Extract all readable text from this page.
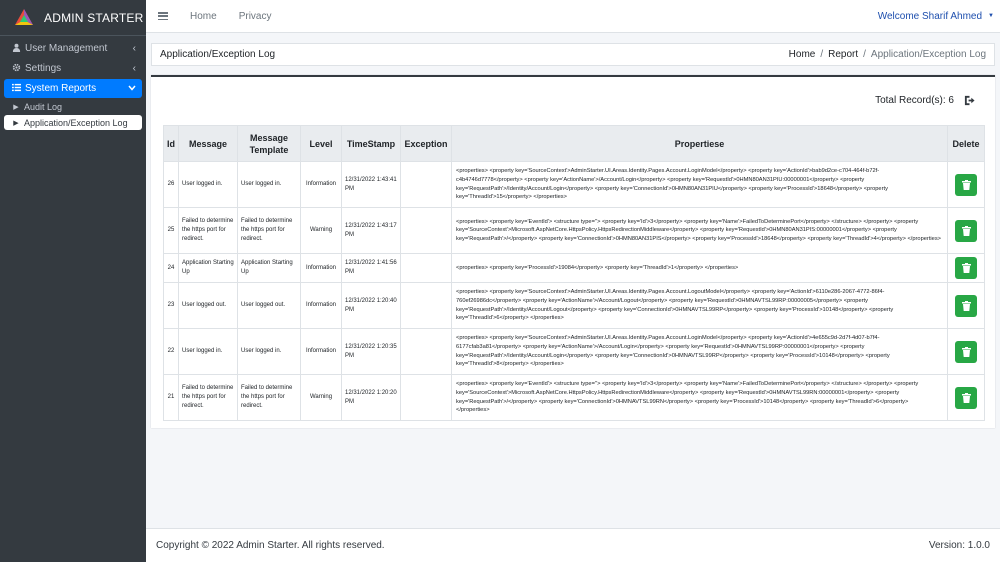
ADMIN STARTER
User Management	‹
Settings	‹
System Reports
▶ Audit Log
▶ Application/Exception Log
Home Privacy	Welcome Sharif Ahmed ▼
Application/Exception Log	Home / Report / Application/Exception Log
Total Record(s): 6
Id	Message	Message Template	Level	TimeStamp	Exception	Propertiese	Delete
26	User logged in.	User logged in.	Information	12/31/2022 1:43:41 PM		<properties> <property key='SourceContext'>AdminStarter.UI.Areas.Identity.Pages.Account.LoginModel</property> <property key='ActionId'>bab9d2ce-c704-464f-b72f-c4b4746d7778</property> <property key='ActionName'>/Account/Login</property> <property key='RequestId'>0HMN80AN31PIU:00000001</property> <property key='RequestPath'>/Identity/Account/Login</property> <property key='ConnectionId'>0HMN80AN31PIU</property> <property key='ProcessId'>18648</property> <property key='ThreadId'>15</property> </properties>	

25	Failed to determine the https port for redirect.	Failed to determine the https port for redirect.	Warning	12/31/2022 1:43:17 PM		<properties> <property key='EventId'> <structure type=''> <property key='Id'>3</property> <property key='Name'>FailedToDeterminePort</property> </structure> </property> <property key='SourceContext'>Microsoft.AspNetCore.HttpsPolicy.HttpsRedirectionMiddleware</property> <property key='RequestId'>0HMN80AN31PIS:00000001</property> <property key='RequestPath'>/</property> <property key='ConnectionId'>0HMN80AN31PIS</property> <property key='ProcessId'>18648</property> <property key='ThreadId'>4</property> </properties>	

24	Application Starting Up	Application Starting Up	Information	12/31/2022 1:41:56 PM		<properties> <property key='ProcessId'>19084</property> <property key='ThreadId'>1</property> </properties>	

23	User logged out.	User logged out.	Information	12/31/2022 1:20:40 PM		<properties> <property key='SourceContext'>AdminStarter.UI.Areas.Identity.Pages.Account.LogoutModel</property> <property key='ActionId'>6110e286-2067-4772-86f4-760ef26986dc</property> <property key='ActionName'>/Account/Logout</property> <property key='RequestId'>0HMNAVTSL99RP:00000005</property> <property key='RequestPath'>/Identity/Account/Logout</property> <property key='ConnectionId'>0HMNAVTSL99RP</property> <property key='ProcessId'>10148</property> <property key='ThreadId'>6</property> </properties>	

22	User logged in.	User logged in.	Information	12/31/2022 1:20:35 PM		<properties> <property key='SourceContext'>AdminStarter.UI.Areas.Identity.Pages.Account.LoginModel</property> <property key='ActionId'>4e655c9d-2d7f-4d07-b7f4-6177cfab3a81</property> <property key='ActionName'>/Account/Login</property> <property key='RequestId'>0HMNAVTSL99RP:00000001</property> <property key='RequestPath'>/Identity/Account/Login</property> <property key='ConnectionId'>0HMNAVTSL99RP</property> <property key='ProcessId'>10148</property> <property key='ThreadId'>8</property> </properties>	

21	Failed to determine the https port for redirect.	Failed to determine the https port for redirect.	Warning	12/31/2022 1:20:20 PM		<properties> <property key='EventId'> <structure type=''> <property key='Id'>3</property> <property key='Name'>FailedToDeterminePort</property> </structure> </property> <property key='SourceContext'>Microsoft.AspNetCore.HttpsPolicy.HttpsRedirectionMiddleware</property> <property key='RequestId'>0HMNAVTSL99RN:00000001</property> <property key='RequestPath'>/</property> <property key='ConnectionId'>0HMNAVTSL99RN</property> <property key='ProcessId'>10148</property> <property key='ThreadId'>6</property> </properties>	
Copyright © 2022 Admin Starter. All rights reserved.	Version: 1.0.0
